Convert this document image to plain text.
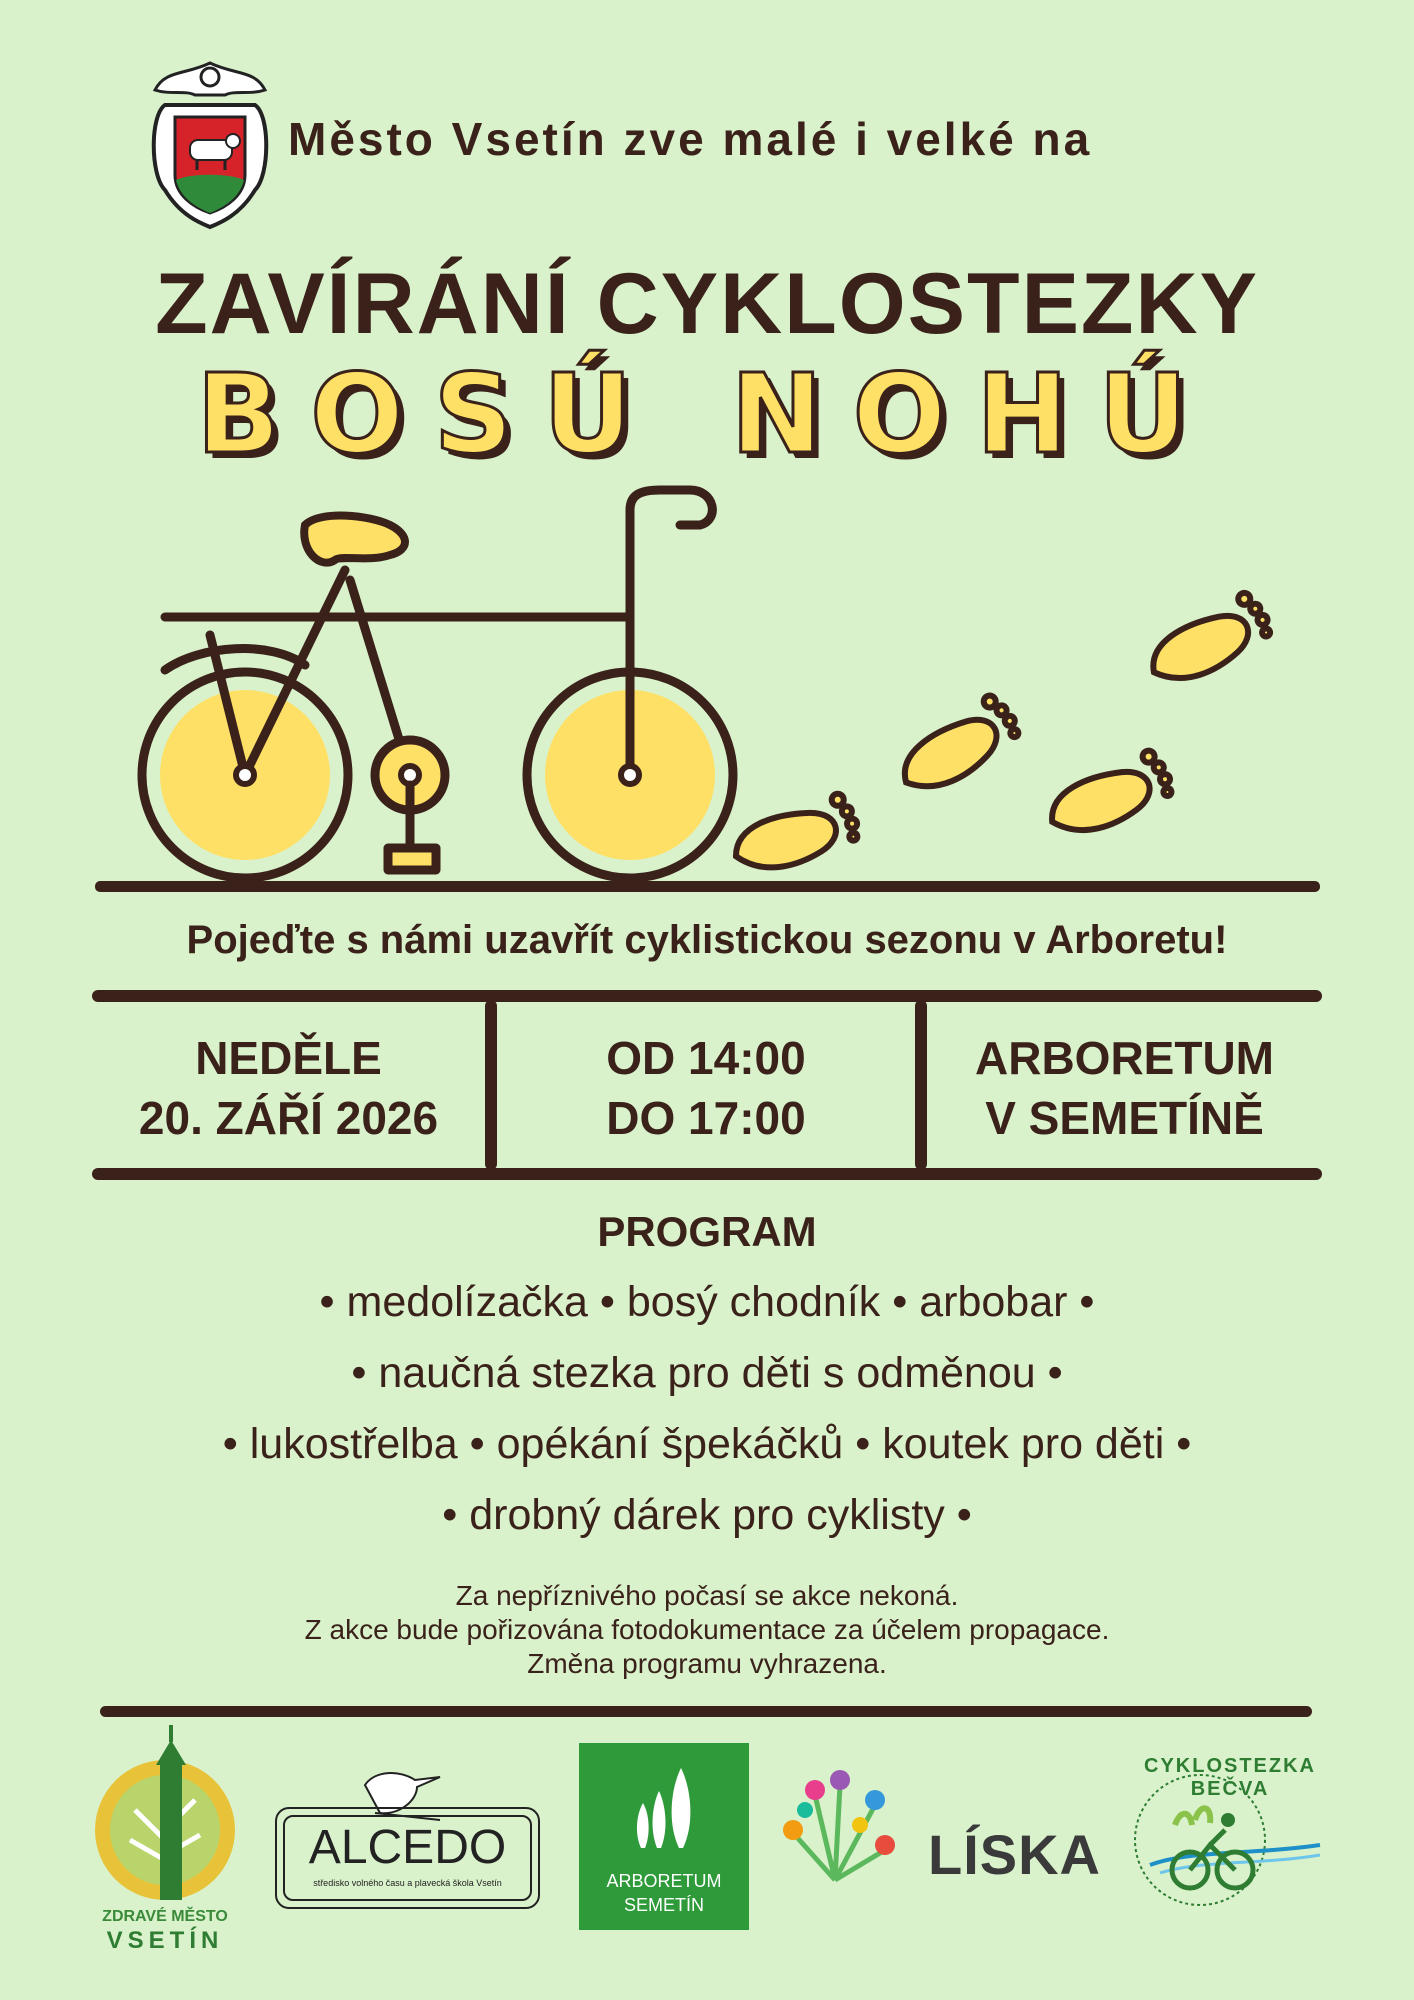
Město Vsetín zve malé i velké na
ZAVÍRÁNÍ CYKLOSTEZKY
BOSÚ NOHÚ
Pojeďte s námi uzavřít cyklistickou sezonu v Arboretu!
NEDĚLE
20. ZÁŘÍ 2026
OD 14:00
DO 17:00
ARBORETUM
V SEMETÍNĚ
PROGRAM
• medolízačka • bosý chodník • arbobar •
• naučná stezka pro děti s odměnou •
• lukostřelba • opékání špekáčků • koutek pro děti •
• drobný dárek pro cyklisty •
Za nepříznivého počasí se akce nekoná.
Z akce bude pořizována fotodokumentace za účelem propagace.
Změna programu vyhrazena.
ZDRAVÉ MĚSTO
VSETÍN
ALCEDO
středisko volného času a plavecká škola Vsetín	ARBORETUM
SEMETÍN
LÍSKA
CYKLOSTEZKA BEČVA
